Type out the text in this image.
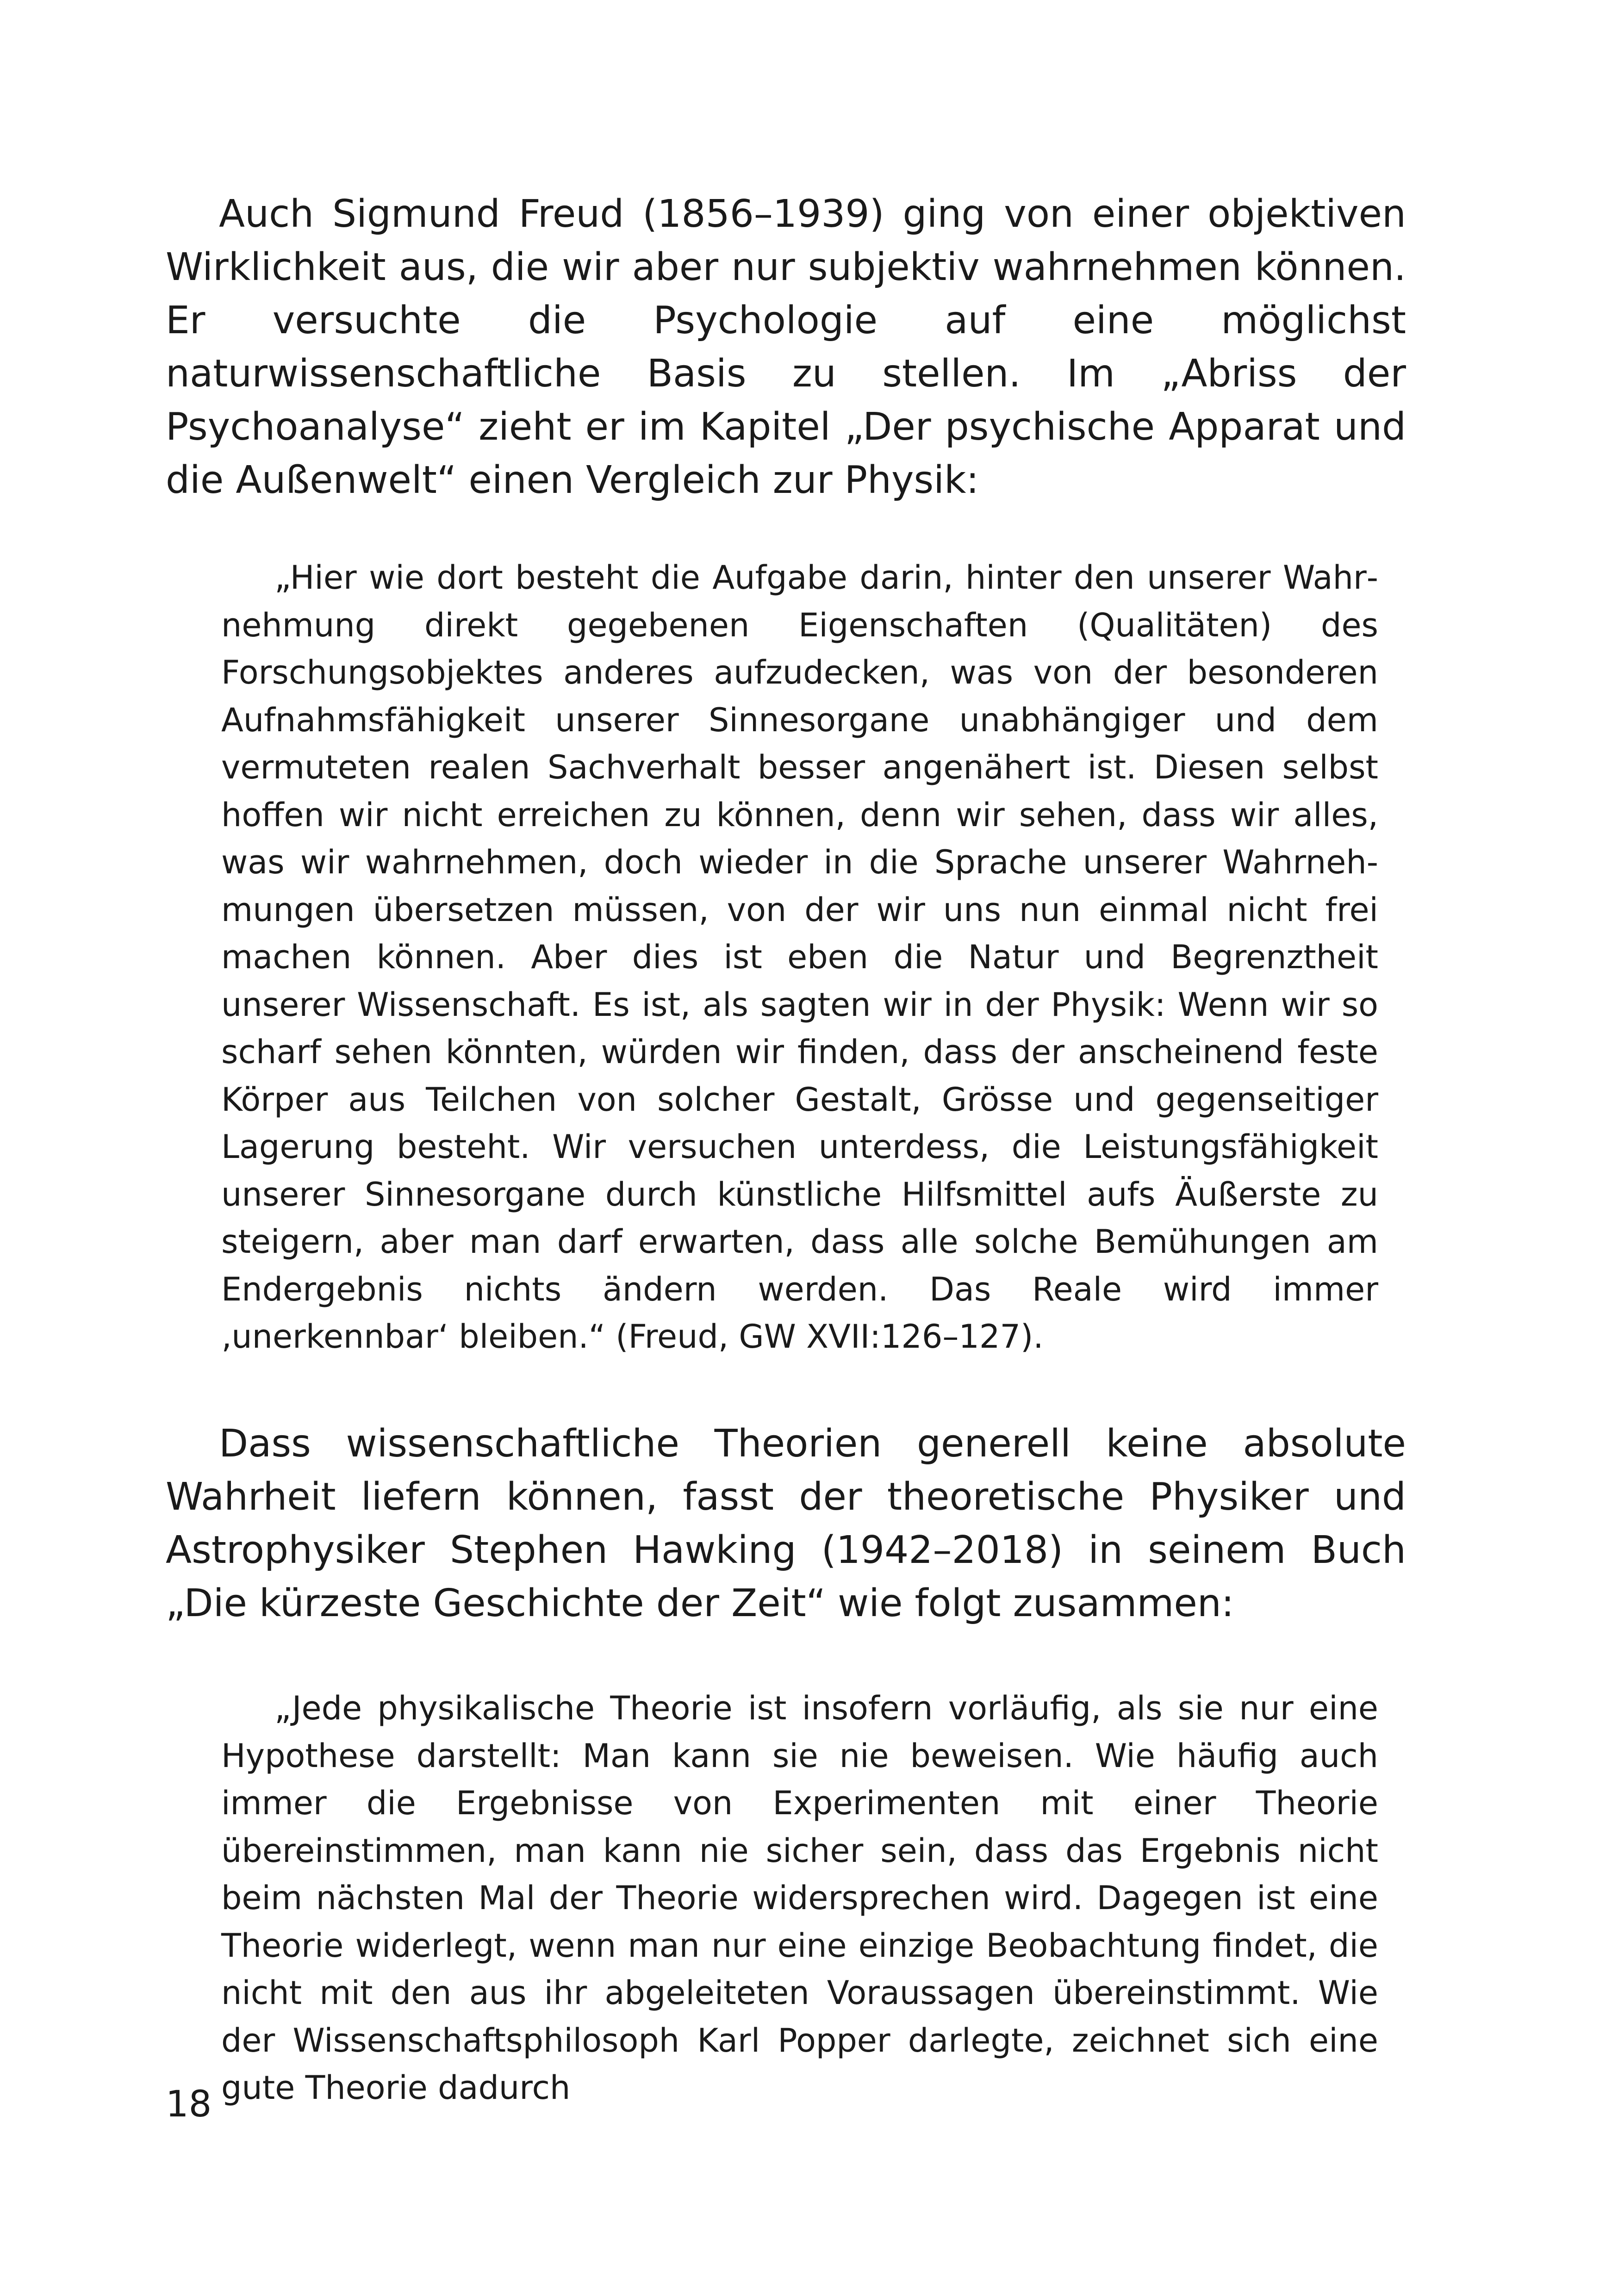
Auch Sigmund Freud (1856–1939) ging von einer objektiven Wirklichkeit aus, die wir aber nur subjektiv wahrnehmen können. Er versuchte die Psychologie auf eine möglichst naturwissenschaftliche Basis zu stellen. Im „Abriss der Psychoanalyse“ zieht er im Kapitel „Der psychische Apparat und die Außenwelt“ einen Vergleich zur Physik:

„Hier wie dort besteht die Aufgabe darin, hinter den unserer Wahrnehmung direkt gegebenen Eigenschaften (Qualitäten) des Forschungsobjektes anderes aufzudecken, was von der besonderen Aufnahmsfähigkeit unserer Sinnesorgane unabhängiger und dem vermuteten realen Sachverhalt besser angenähert ist. Diesen selbst hoffen wir nicht erreichen zu können, denn wir sehen, dass wir alles, was wir wahrnehmen, doch wieder in die Sprache unserer Wahrnehmungen übersetzen müssen, von der wir uns nun einmal nicht frei machen können. Aber dies ist eben die Natur und Begrenztheit unserer Wissenschaft. Es ist, als sagten wir in der Physik: Wenn wir so scharf sehen könnten, würden wir finden, dass der anscheinend feste Körper aus Teilchen von solcher Gestalt, Grösse und gegenseitiger Lagerung besteht. Wir versuchen unterdess, die Leistungsfähigkeit unserer Sinnesorgane durch künstliche Hilfsmittel aufs Äußerste zu steigern, aber man darf erwarten, dass alle solche Bemühungen am Endergebnis nichts ändern werden. Das Reale wird immer ‚unerkennbar‘ bleiben.“ (Freud, GW XVII:126–127).

Dass wissenschaftliche Theorien generell keine absolute Wahrheit liefern können, fasst der theoretische Physiker und Astrophysiker Stephen Hawking (1942–2018) in seinem Buch „Die kürzeste Geschichte der Zeit“ wie folgt zusammen:

„Jede physikalische Theorie ist insofern vorläufig, als sie nur eine Hypothese darstellt: Man kann sie nie beweisen. Wie häufig auch immer die Ergebnisse von Experimenten mit einer Theorie übereinstimmen, man kann nie sicher sein, dass das Ergebnis nicht beim nächsten Mal der Theorie widersprechen wird. Dagegen ist eine Theorie widerlegt, wenn man nur eine einzige Beobachtung findet, die nicht mit den aus ihr abgeleiteten Voraussagen übereinstimmt. Wie der Wissenschaftsphilosoph Karl Popper darlegte, zeichnet sich eine gute Theorie dadurch

18
